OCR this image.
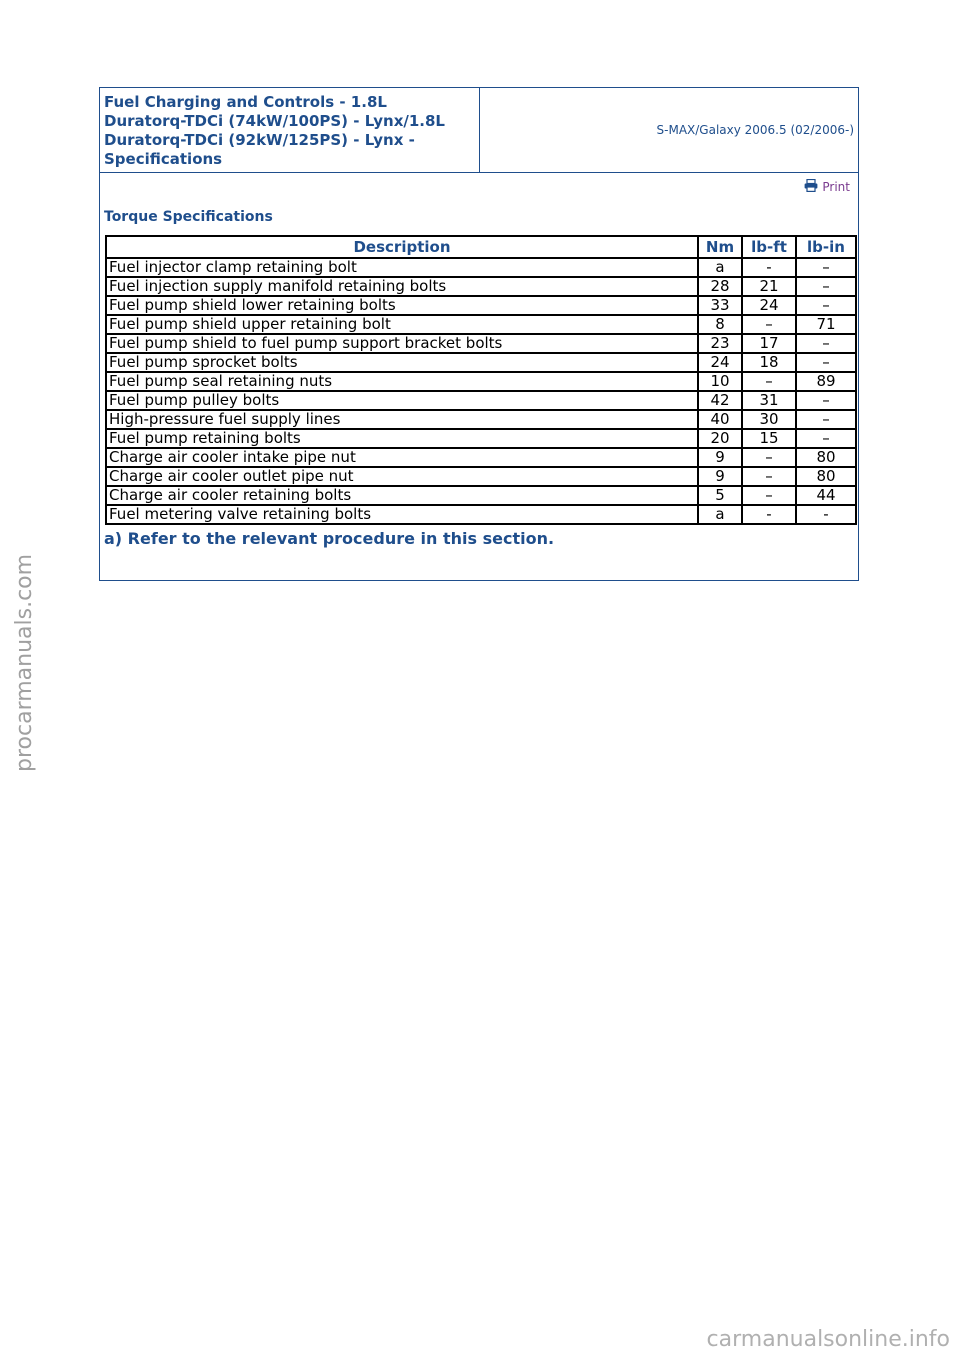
Fuel Charging and Controls - 1.8L Duratorq-TDCi (74kW/100PS) - Lynx/1.8L Duratorq-TDCi (92kW/125PS) - Lynx - Specifications
S-MAX/Galaxy 2006.5 (02/2006-)
Print
Torque Specifications
Description	Nm	lb-ft	lb-in
Fuel injector clamp retaining bolt	a	-	–
Fuel injection supply manifold retaining bolts	28	21	–
Fuel pump shield lower retaining bolts	33	24	–
Fuel pump shield upper retaining bolt	8	–	71
Fuel pump shield to fuel pump support bracket bolts	23	17	–
Fuel pump sprocket bolts	24	18	–
Fuel pump seal retaining nuts	10	–	89
Fuel pump pulley bolts	42	31	–
High-pressure fuel supply lines	40	30	–
Fuel pump retaining bolts	20	15	–
Charge air cooler intake pipe nut	9	–	80
Charge air cooler outlet pipe nut	9	–	80
Charge air cooler retaining bolts	5	–	44
Fuel metering valve retaining bolts	a	-	-
a) Refer to the relevant procedure in this section.
procarmanuals.com
carmanualsonline.info
